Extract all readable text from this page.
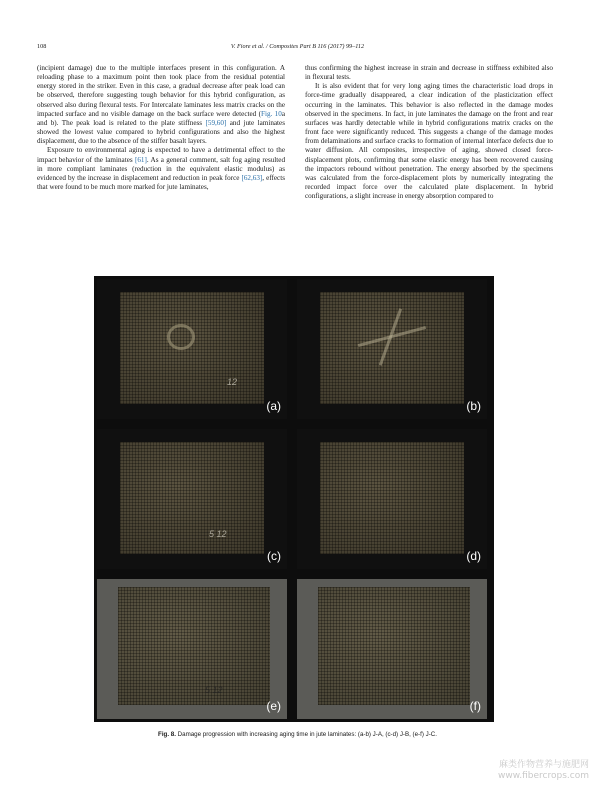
108	V. Fiore et al. / Composites Part B 116 (2017) 99–112

(incipient damage) due to the multiple interfaces present in this configuration. A reloading phase to a maximum point then took place from the residual potential energy stored in the striker. Even in this case, a gradual decrease after peak load can be observed, therefore suggesting tough behavior for this hybrid configuration, as observed also during flexural tests. For Intercalate laminates less matrix cracks on the impacted surface and no visible damage on the back surface were detected (Fig. 10a and b). The peak load is related to the plate stiffness [59,60] and jute laminates showed the lowest value compared to hybrid configurations and also the highest displacement, due to the absence of the stiffer basalt layers.

Exposure to environmental aging is expected to have a detrimental effect to the impact behavior of the laminates [61]. As a general comment, salt fog aging resulted in more compliant laminates (reduction in the equivalent elastic modulus) as evidenced by the increase in displacement and reduction in peak force [62,63], effects that were found to be much more marked for jute laminates,

thus confirming the highest increase in strain and decrease in stiffness exhibited also in flexural tests.

It is also evident that for very long aging times the characteristic load drops in force-time gradually disappeared, a clear indication of the plasticization effect occurring in the laminates. This behavior is also reflected in the damage modes observed in the specimens. In fact, in jute laminates the damage on the front and rear surfaces was hardly detectable while in hybrid configurations matrix cracks on the front face were significantly reduced. This suggests a change of the damage modes from delaminations and surface cracks to formation of internal interface defects due to water diffusion. All composites, irrespective of aging, showed closed force-displacement plots, confirming that some elastic energy has been recovered causing the impactors rebound without penetration. The energy absorbed by the specimens was calculated from the force-displacement plots by numerically integrating the recorded impact force over the calculated plate displacement. In hybrid configurations, a slight increase in energy absorption compared to

12
(a)	(b)
5 12
(c)	(d)
5 12
(e)	(f)
Fig. 8. Damage progression with increasing aging time in jute laminates: (a-b) J-A, (c-d) J-B, (e-f) J-C.
麻类作物营养与施肥网
www.fibercrops.com
